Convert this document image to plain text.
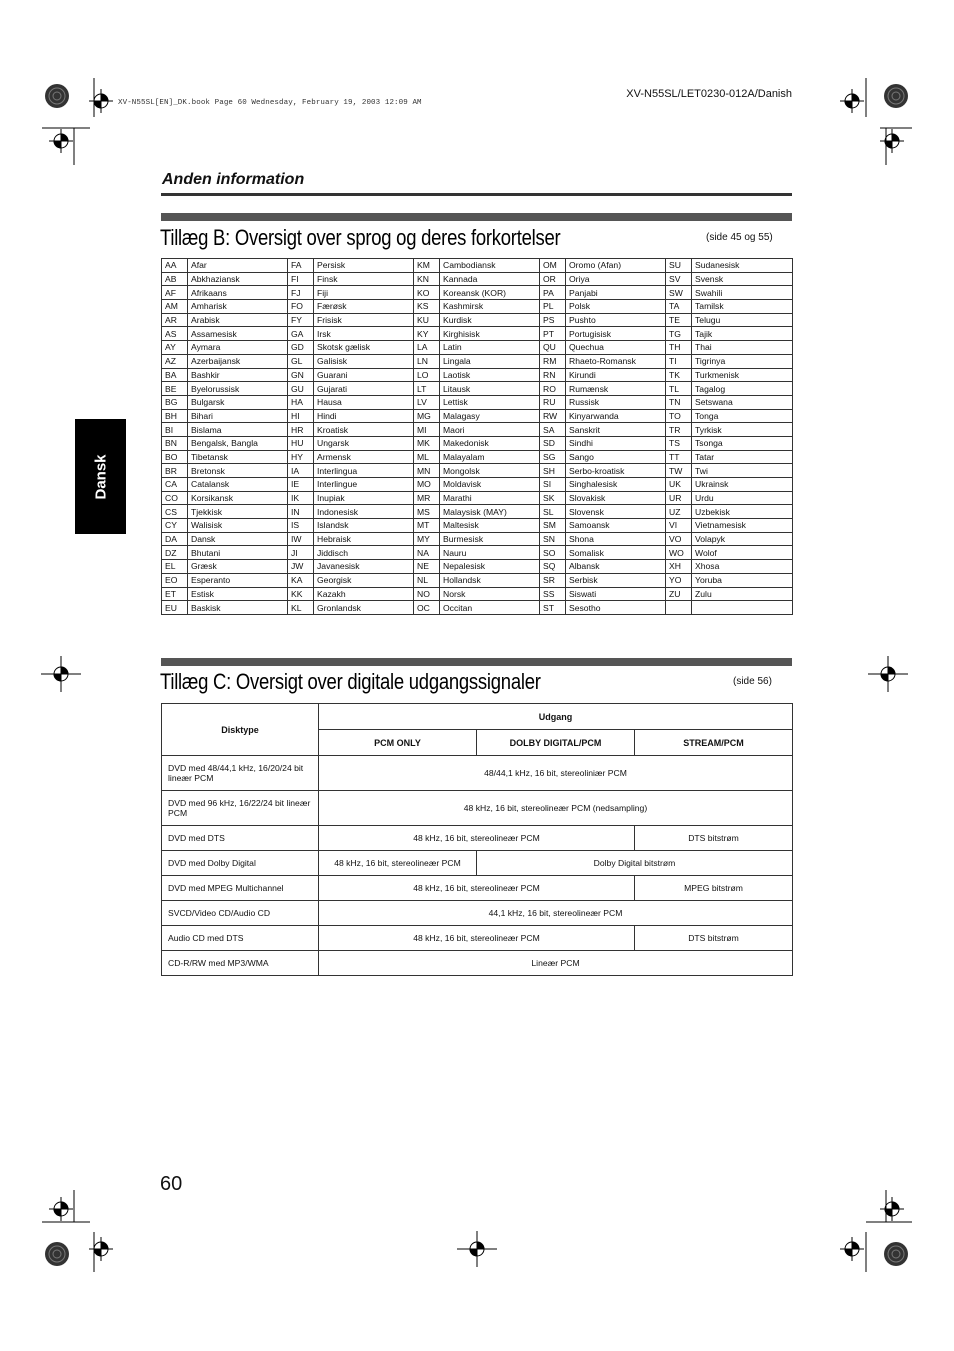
XV-N55SL/LET0230-012A/Danish
XV-N55SL[EN]_DK.book Page 60 Wednesday, February 19, 2003 12:09 AM
Anden information
Dansk
Tillæg B: Oversigt over sprog og deres forkortelser	(side 45 og 55)
AA	Afar	FA	Persisk	KM	Cambodiansk	OM	Oromo (Afan)	SU	Sudanesisk
AB	Abkhaziansk	FI	Finsk	KN	Kannada	OR	Oriya	SV	Svensk
AF	Afrikaans	FJ	Fiji	KO	Koreansk (KOR)	PA	Panjabi	SW	Swahili
AM	Amharisk	FO	Færøsk	KS	Kashmirsk	PL	Polsk	TA	Tamilsk
AR	Arabisk	FY	Frisisk	KU	Kurdisk	PS	Pushto	TE	Telugu
AS	Assamesisk	GA	Irsk	KY	Kirghisisk	PT	Portugisisk	TG	Tajik
AY	Aymara	GD	Skotsk gælisk	LA	Latin	QU	Quechua	TH	Thai
AZ	Azerbaijansk	GL	Galisisk	LN	Lingala	RM	Rhaeto-Romansk	TI	Tigrinya
BA	Bashkir	GN	Guarani	LO	Laotisk	RN	Kirundi	TK	Turkmenisk
BE	Byelorussisk	GU	Gujarati	LT	Litausk	RO	Rumænsk	TL	Tagalog
BG	Bulgarsk	HA	Hausa	LV	Lettisk	RU	Russisk	TN	Setswana
BH	Bihari	HI	Hindi	MG	Malagasy	RW	Kinyarwanda	TO	Tonga
BI	Bislama	HR	Kroatisk	MI	Maori	SA	Sanskrit	TR	Tyrkisk
BN	Bengalsk, Bangla	HU	Ungarsk	MK	Makedonisk	SD	Sindhi	TS	Tsonga
BO	Tibetansk	HY	Armensk	ML	Malayalam	SG	Sango	TT	Tatar
BR	Bretonsk	IA	Interlingua	MN	Mongolsk	SH	Serbo-kroatisk	TW	Twi
CA	Catalansk	IE	Interlingue	MO	Moldavisk	SI	Singhalesisk	UK	Ukrainsk
CO	Korsikansk	IK	Inupiak	MR	Marathi	SK	Slovakisk	UR	Urdu
CS	Tjekkisk	IN	Indonesisk	MS	Malaysisk (MAY)	SL	Slovensk	UZ	Uzbekisk
CY	Walisisk	IS	Islandsk	MT	Maltesisk	SM	Samoansk	VI	Vietnamesisk
DA	Dansk	IW	Hebraisk	MY	Burmesisk	SN	Shona	VO	Volapyk
DZ	Bhutani	JI	Jiddisch	NA	Nauru	SO	Somalisk	WO	Wolof
EL	Græsk	JW	Javanesisk	NE	Nepalesisk	SQ	Albansk	XH	Xhosa
EO	Esperanto	KA	Georgisk	NL	Hollandsk	SR	Serbisk	YO	Yoruba
ET	Estisk	KK	Kazakh	NO	Norsk	SS	Siswati	ZU	Zulu
EU	Baskisk	KL	Gronlandsk	OC	Occitan	ST	Sesotho		
Tillæg C: Oversigt over digitale udgangssignaler	(side 56)
Disktype	Udgang		
	PCM ONLY	DOLBY DIGITAL/PCM	STREAM/PCM
DVD med 48/44,1 kHz, 16/20/24 bit lineær PCM	48/44,1 kHz, 16 bit, stereoliniær PCM		
DVD med 96 kHz, 16/22/24 bit lineær PCM	48 kHz, 16 bit, stereolineær PCM (nedsampling)		
DVD med DTS	48 kHz, 16 bit, stereolineær PCM		DTS bitstrøm
DVD med Dolby Digital	48 kHz, 16 bit, stereolineær PCM	Dolby Digital bitstrøm	
DVD med MPEG Multichannel	48 kHz, 16 bit, stereolineær PCM		MPEG bitstrøm
SVCD/Video CD/Audio CD	44,1 kHz, 16 bit, stereolineær PCM		
Audio CD med DTS	48 kHz, 16 bit, stereolineær PCM		DTS bitstrøm
CD-R/RW med MP3/WMA	Lineær PCM		
60
